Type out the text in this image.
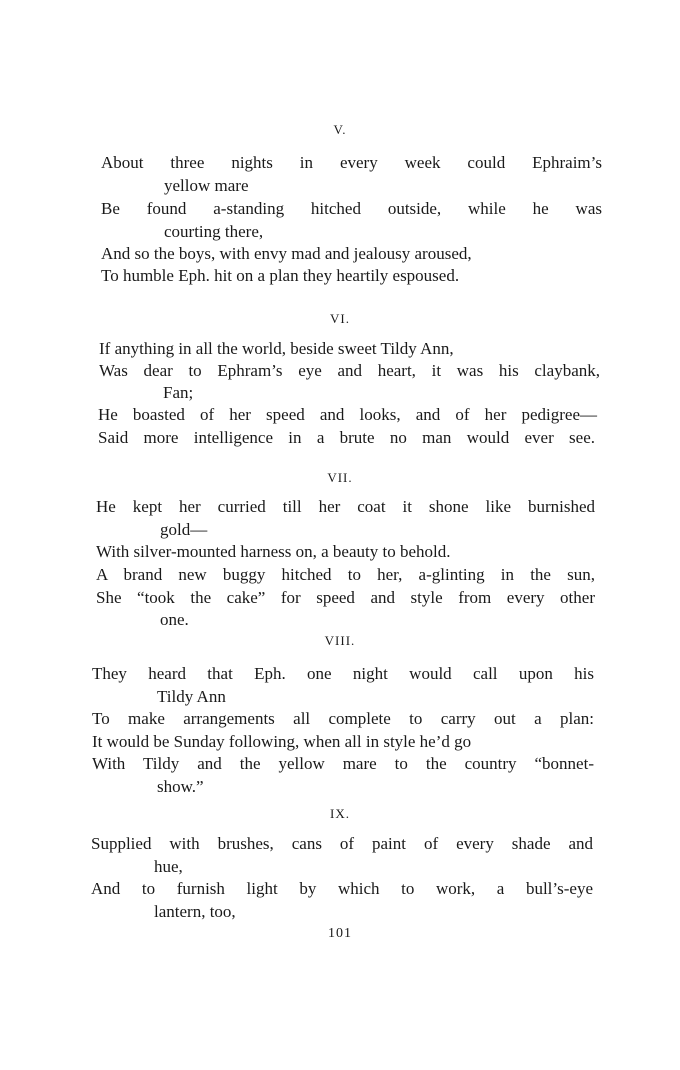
V.
About three nights in every week could Ephraim’s
yellow mare
Be found a-standing hitched outside, while he was
courting there,
And so the boys, with envy mad and jealousy aroused,
To humble Eph. hit on a plan they heartily espoused.
VI.
If anything in all the world, beside sweet Tildy Ann,
Was dear to Ephram’s eye and heart, it was his claybank,
Fan;
He boasted of her speed and looks, and of her pedigree—
Said more intelligence in a brute no man would ever see.
VII.
He kept her curried till her coat it shone like burnished
gold—
With silver-mounted harness on, a beauty to behold.
A brand new buggy hitched to her, a-glinting in the sun,
She “took the cake” for speed and style from every other
one.
VIII.
They heard that Eph. one night would call upon his
Tildy Ann
To make arrangements all complete to carry out a plan:
It would be Sunday following, when all in style he’d go
With Tildy and the yellow mare to the country “bonnet-
show.”
IX.
Supplied with brushes, cans of paint of every shade and
hue,
And to furnish light by which to work, a bull’s-eye
lantern, too,
101
